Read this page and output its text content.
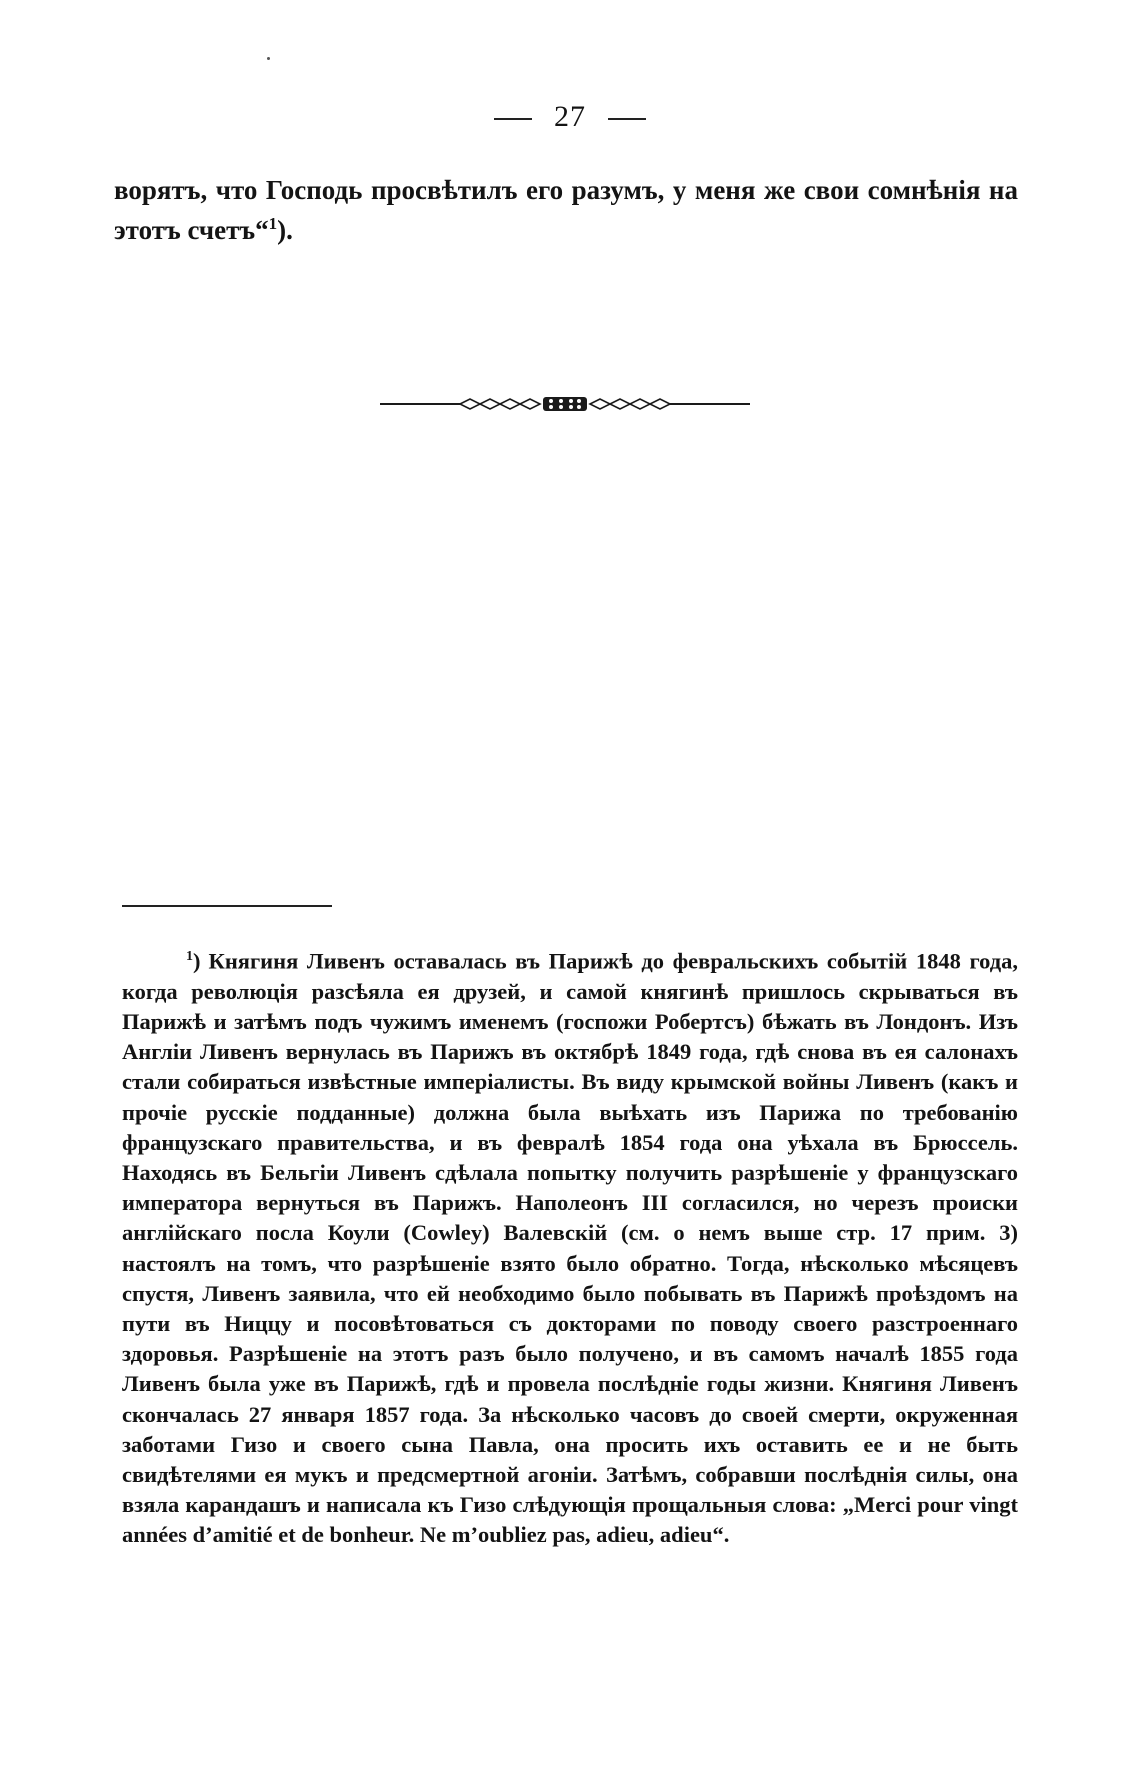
27
ворятъ, что Господь просвѣтилъ его разумъ, у меня же свои сомнѣнія на этотъ счетъ“$^1$).
$^1$) Княгиня Ливенъ оставалась въ Парижѣ до февральскихъ событій 1848 года, когда революція разсѣяла ея друзей, и самой княгинѣ пришлось скрываться въ Парижѣ и затѣмъ подъ чужимъ именемъ (госпожи Робертсъ) бѣжать въ Лондонъ. Изъ Англіи Ливенъ вернулась въ Парижъ въ октябрѣ 1849 года, гдѣ снова въ ея салонахъ стали собираться извѣстные имперіалисты. Въ виду крымской войны Ливенъ (какъ и прочіе русскіе подданные) должна была выѣхать изъ Парижа по требованію французскаго правительства, и въ февралѣ 1854 года она уѣхала въ Брюссель. Находясь въ Бельгіи Ливенъ сдѣлала попытку получить разрѣшеніе у французскаго императора вернуться въ Парижъ. Наполеонъ III согласился, но черезъ происки англійскаго посла Коули (Cowley) Валевскій (см. о немъ выше стр. 17 прим. 3) настоялъ на томъ, что разрѣшеніе взято было обратно. Тогда, нѣсколько мѣсяцевъ спустя, Ливенъ заявила, что ей необходимо было побывать въ Парижѣ проѣздомъ на пути въ Ниццу и посовѣтоваться съ докторами по поводу своего разстроеннаго здоровья. Разрѣшеніе на этотъ разъ было получено, и въ самомъ началѣ 1855 года Ливенъ была уже въ Парижѣ, гдѣ и провела послѣдніе годы жизни. Княгиня Ливенъ скончалась 27 января 1857 года. За нѣсколько часовъ до своей смерти, окруженная заботами Гизо и своего сына Павла, она просить ихъ оставить ее и не быть свидѣтелями ея мукъ и предсмертной агоніи. Затѣмъ, собравши послѣднія силы, она взяла карандашъ и написала къ Гизо слѣдующія прощальныя слова: „Merci pour vingt années d’amitié et de bonheur. Ne m’oubliez pas, adieu, adieu“.
